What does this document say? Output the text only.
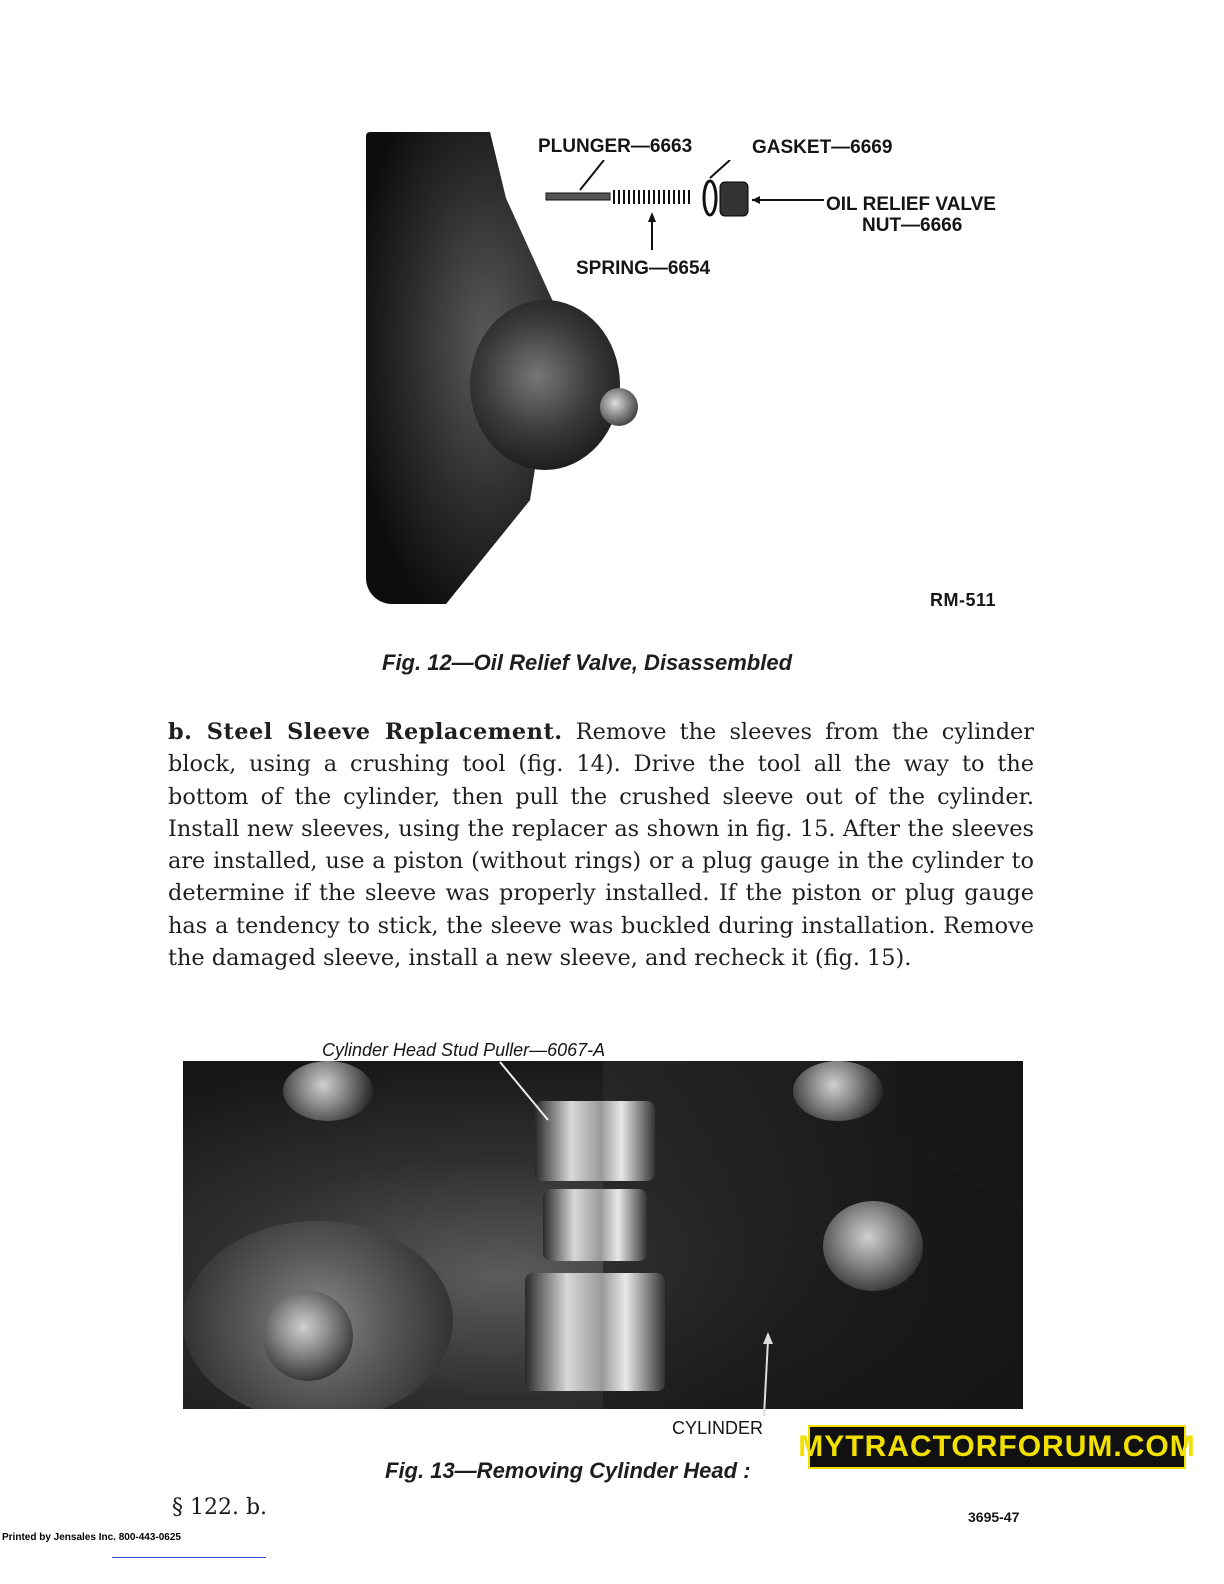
PLUNGER—6663	GASKET—6669
OIL RELIEF VALVE
NUT—6666
SPRING—6654
RM-511
Fig. 12—Oil Relief Valve, Disassembled
b. Steel Sleeve Replacement. Remove the sleeves from the cylinder block, using a crushing tool (fig. 14). Drive the tool all the way to the bottom of the cylinder, then pull the crushed sleeve out of the cylinder. Install new sleeves, using the replacer as shown in fig. 15. After the sleeves are installed, use a piston (without rings) or a plug gauge in the cylinder to determine if the sleeve was properly installed. If the piston or plug gauge has a tendency to stick, the sleeve was buckled during installation. Remove the damaged sleeve, install a new sleeve, and recheck it (fig. 15).
Cylinder Head Stud Puller—6067-A
CYLINDER
Fig. 13—Removing Cylinder Head :
MYTRACTORFORUM.COM
§ 122. b.	3695-47
Printed by Jensales Inc. 800-443-0625
